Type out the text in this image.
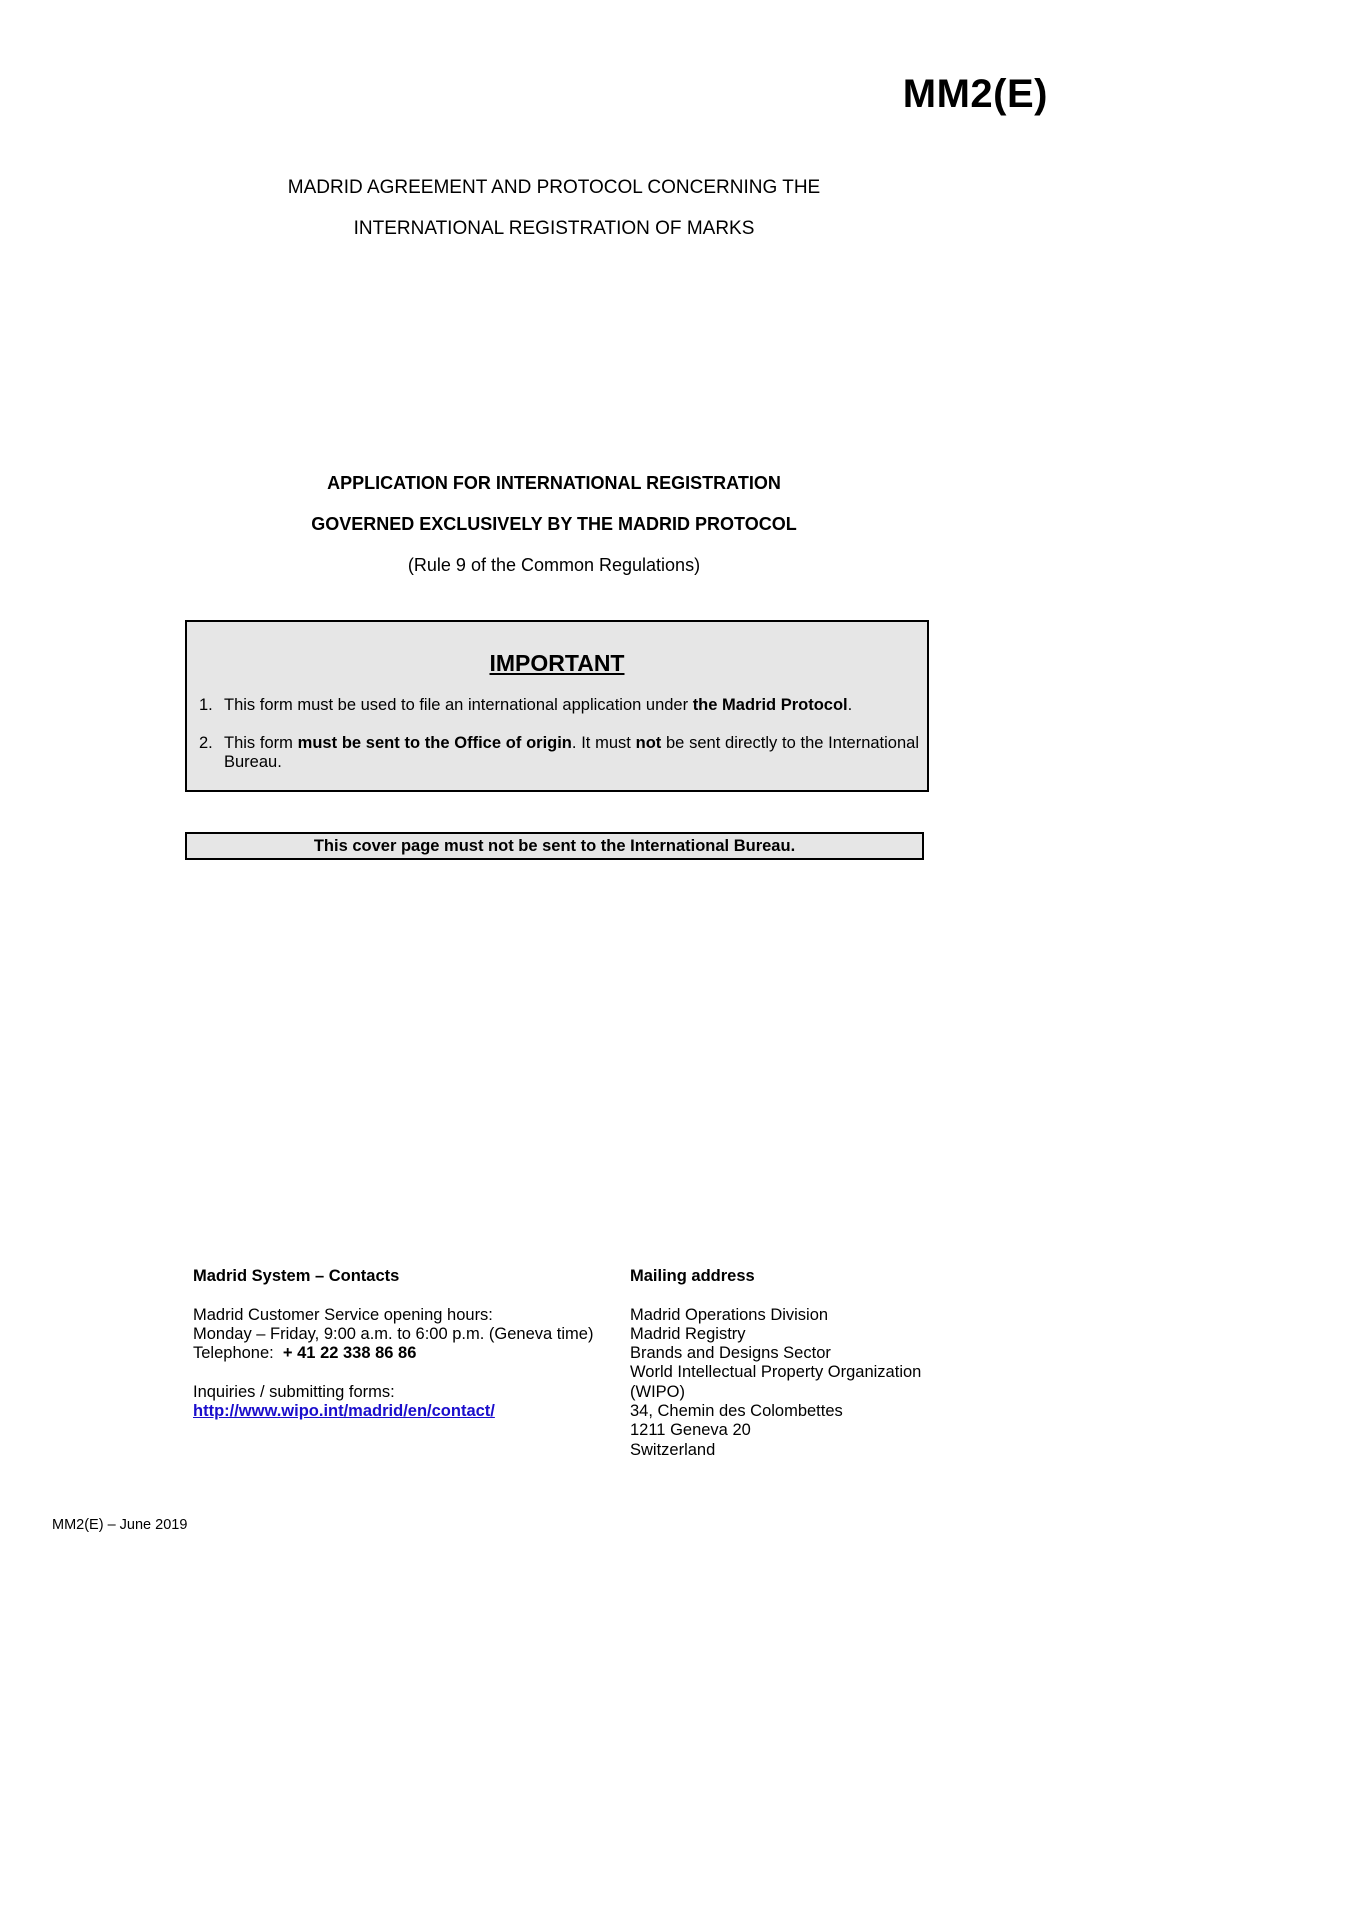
MM2(E)
MADRID AGREEMENT AND PROTOCOL CONCERNING THE
INTERNATIONAL REGISTRATION OF MARKS
APPLICATION FOR INTERNATIONAL REGISTRATION
GOVERNED EXCLUSIVELY BY THE MADRID PROTOCOL
(Rule 9 of the Common Regulations)
IMPORTANT
1. This form must be used to file an international application under the Madrid Protocol.
2. This form must be sent to the Office of origin. It must not be sent directly to the International Bureau.
This cover page must not be sent to the International Bureau.
Madrid System – Contacts
Madrid Customer Service opening hours:
Monday – Friday, 9:00 a.m. to 6:00 p.m. (Geneva time)
Telephone:  + 41 22 338 86 86
Inquiries / submitting forms:
http://www.wipo.int/madrid/en/contact/
Mailing address
Madrid Operations Division
Madrid Registry
Brands and Designs Sector
World Intellectual Property Organization
(WIPO)
34, Chemin des Colombettes
1211 Geneva 20
Switzerland
MM2(E) – June 2019
